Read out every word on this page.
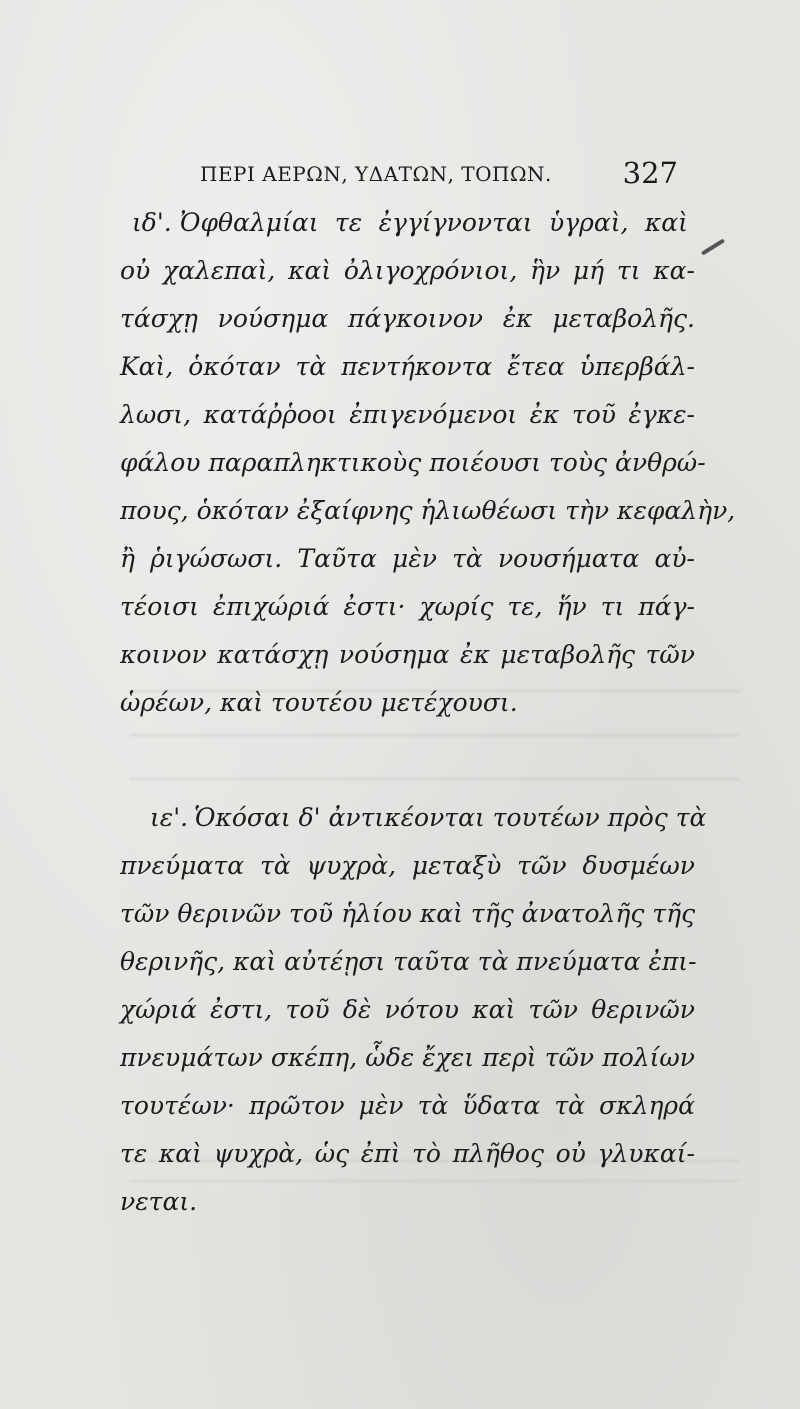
ΠΕΡΙ ΑΕΡΩΝ, ΥΔΑΤΩΝ, ΤΟΠΩΝ. 327
ιδ'. Ὀφθαλμίαι τε ἐγγίγνονται ὑγραὶ, καὶ
οὐ χαλεπαὶ, καὶ ὀλιγοχρόνιοι, ἣν μή τι κα-
τάσχῃ νούσημα πάγκοινον ἐκ μεταβολῆς.
Καὶ, ὁκόταν τὰ πεντήκοντα ἔτεα ὑπερβάλ-
λωσι, κατάῤῥοοι ἐπιγενόμενοι ἐκ τοῦ ἐγκε-
φάλου παραπληκτικοὺς ποιέουσι τοὺς ἀνθρώ-
πους, ὁκόταν ἐξαίφνης ἡλιωθέωσι τὴν κεφαλὴν,
ἢ ῥιγώσωσι. Ταῦτα μὲν τὰ νουσήματα αὐ-
τέοισι ἐπιχώριά ἐστι· χωρίς τε, ἥν τι πάγ-
κοινον κατάσχῃ νούσημα ἐκ μεταβολῆς τῶν
ὡρέων, καὶ τουτέου μετέχουσι.
ιε'. Ὁκόσαι δ' ἀντικέονται τουτέων πρὸς τὰ
πνεύματα τὰ ψυχρὰ, μεταξὺ τῶν δυσμέων
τῶν θερινῶν τοῦ ἡλίου καὶ τῆς ἀνατολῆς τῆς
θερινῆς, καὶ αὐτέῃσι ταῦτα τὰ πνεύματα ἐπι-
χώριά ἐστι, τοῦ δὲ νότου καὶ τῶν θερινῶν
πνευμάτων σκέπη, ὧδε ἔχει περὶ τῶν πολίων
τουτέων· πρῶτον μὲν τὰ ὕδατα τὰ σκληρά
τε καὶ ψυχρὰ, ὡς ἐπὶ τὸ πλῆθος οὐ γλυκαί-
νεται.
